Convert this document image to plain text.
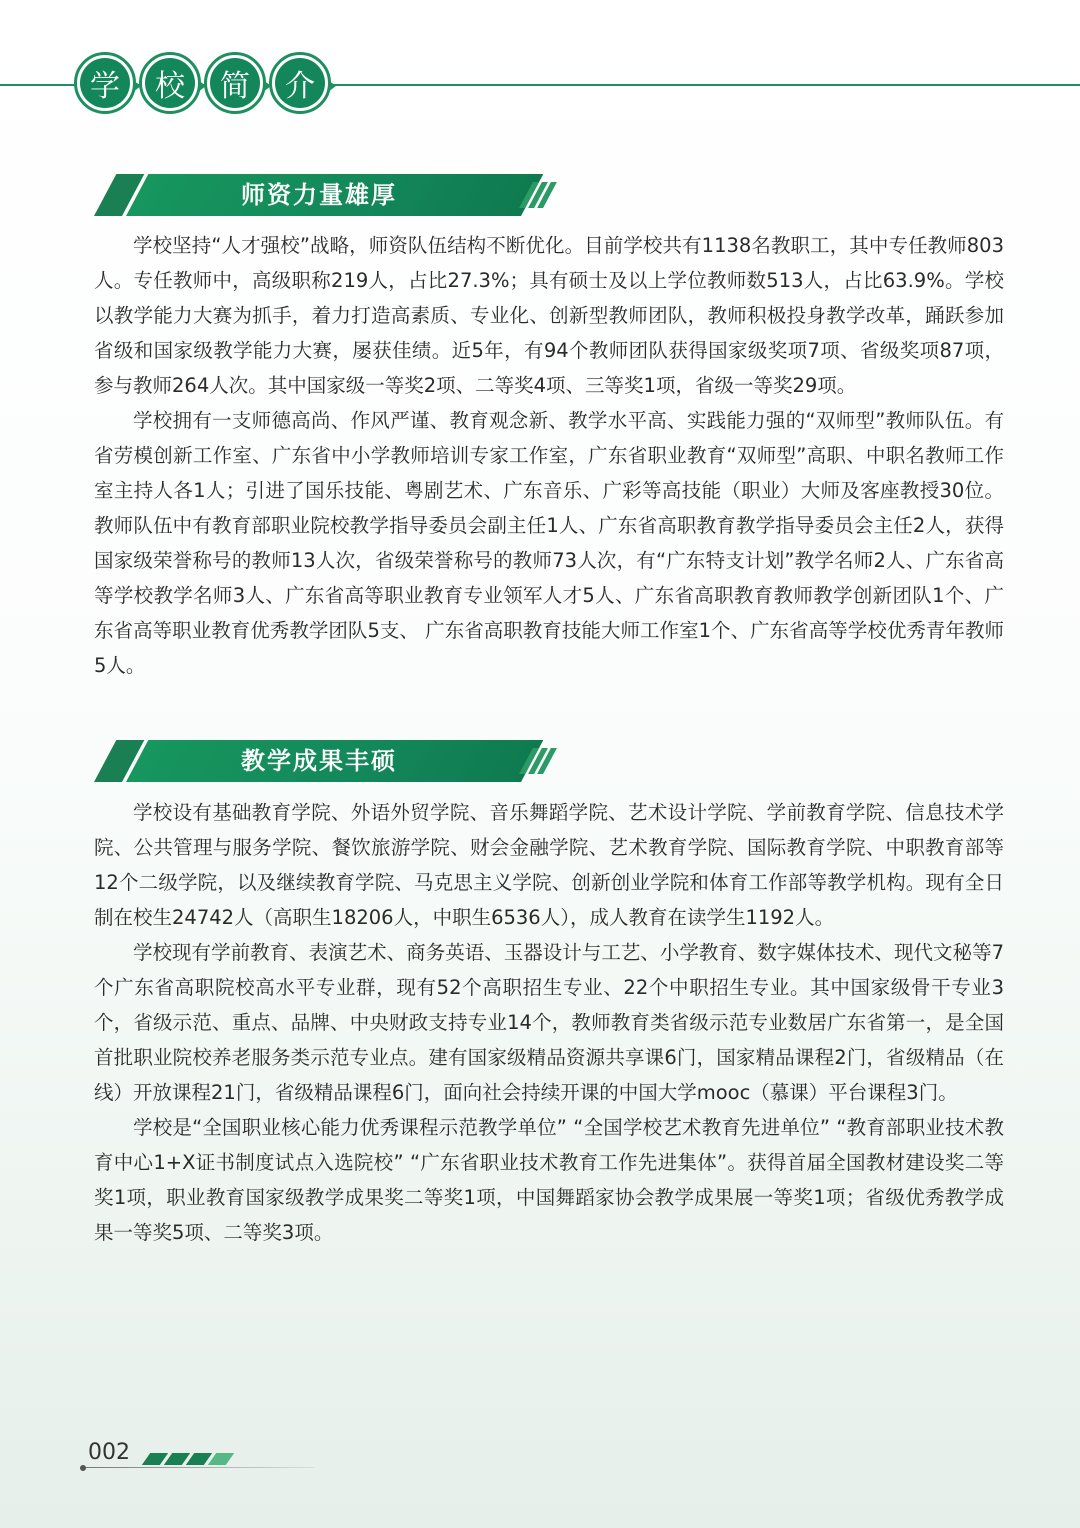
学	校	简	介
师资力量雄厚

学校坚持“人才强校”战略，师资队伍结构不断优化。目前学校共有1138名教职工，其中专任教师803人。专任教师中，高级职称219人，占比27.3%；具有硕士及以上学位教师数513人，占比63.9%。学校以教学能力大赛为抓手，着力打造高素质、专业化、创新型教师团队，教师积极投身教学改革，踊跃参加省级和国家级教学能力大赛，屡获佳绩。近5年，有94个教师团队获得国家级奖项7项、省级奖项87项，参与教师264人次。其中国家级一等奖2项、二等奖4项、三等奖1项，省级一等奖29项。

学校拥有一支师德高尚、作风严谨、教育观念新、教学水平高、实践能力强的“双师型”教师队伍。有省劳模创新工作室、广东省中小学教师培训专家工作室，广东省职业教育“双师型”高职、中职名教师工作室主持人各1人；引进了国乐技能、粤剧艺术、广东音乐、广彩等高技能（职业）大师及客座教授30位。教师队伍中有教育部职业院校教学指导委员会副主任1人、广东省高职教育教学指导委员会主任2人，获得国家级荣誉称号的教师13人次，省级荣誉称号的教师73人次，有“广东特支计划”教学名师2人、广东省高等学校教学名师3人、广东省高等职业教育专业领军人才5人、广东省高职教育教师教学创新团队1个、广东省高等职业教育优秀教学团队5支、 广东省高职教育技能大师工作室1个、广东省高等学校优秀青年教师5人。

教学成果丰硕

学校设有基础教育学院、外语外贸学院、音乐舞蹈学院、艺术设计学院、学前教育学院、信息技术学院、公共管理与服务学院、餐饮旅游学院、财会金融学院、艺术教育学院、国际教育学院、中职教育部等12个二级学院，以及继续教育学院、马克思主义学院、创新创业学院和体育工作部等教学机构。现有全日制在校生24742人（高职生18206人，中职生6536人），成人教育在读学生1192人。

学校现有学前教育、表演艺术、商务英语、玉器设计与工艺、小学教育、数字媒体技术、现代文秘等7个广东省高职院校高水平专业群，现有52个高职招生专业、22个中职招生专业。其中国家级骨干专业3个，省级示范、重点、品牌、中央财政支持专业14个，教师教育类省级示范专业数居广东省第一，是全国首批职业院校养老服务类示范专业点。建有国家级精品资源共享课6门，国家精品课程2门，省级精品（在线）开放课程21门，省级精品课程6门，面向社会持续开课的中国大学mooc（慕课）平台课程3门。

学校是“全国职业核心能力优秀课程示范教学单位” “全国学校艺术教育先进单位” “教育部职业技术教育中心1+X证书制度试点入选院校” “广东省职业技术教育工作先进集体”。获得首届全国教材建设奖二等奖1项，职业教育国家级教学成果奖二等奖1项，中国舞蹈家协会教学成果展一等奖1项；省级优秀教学成果一等奖5项、二等奖3项。

002
